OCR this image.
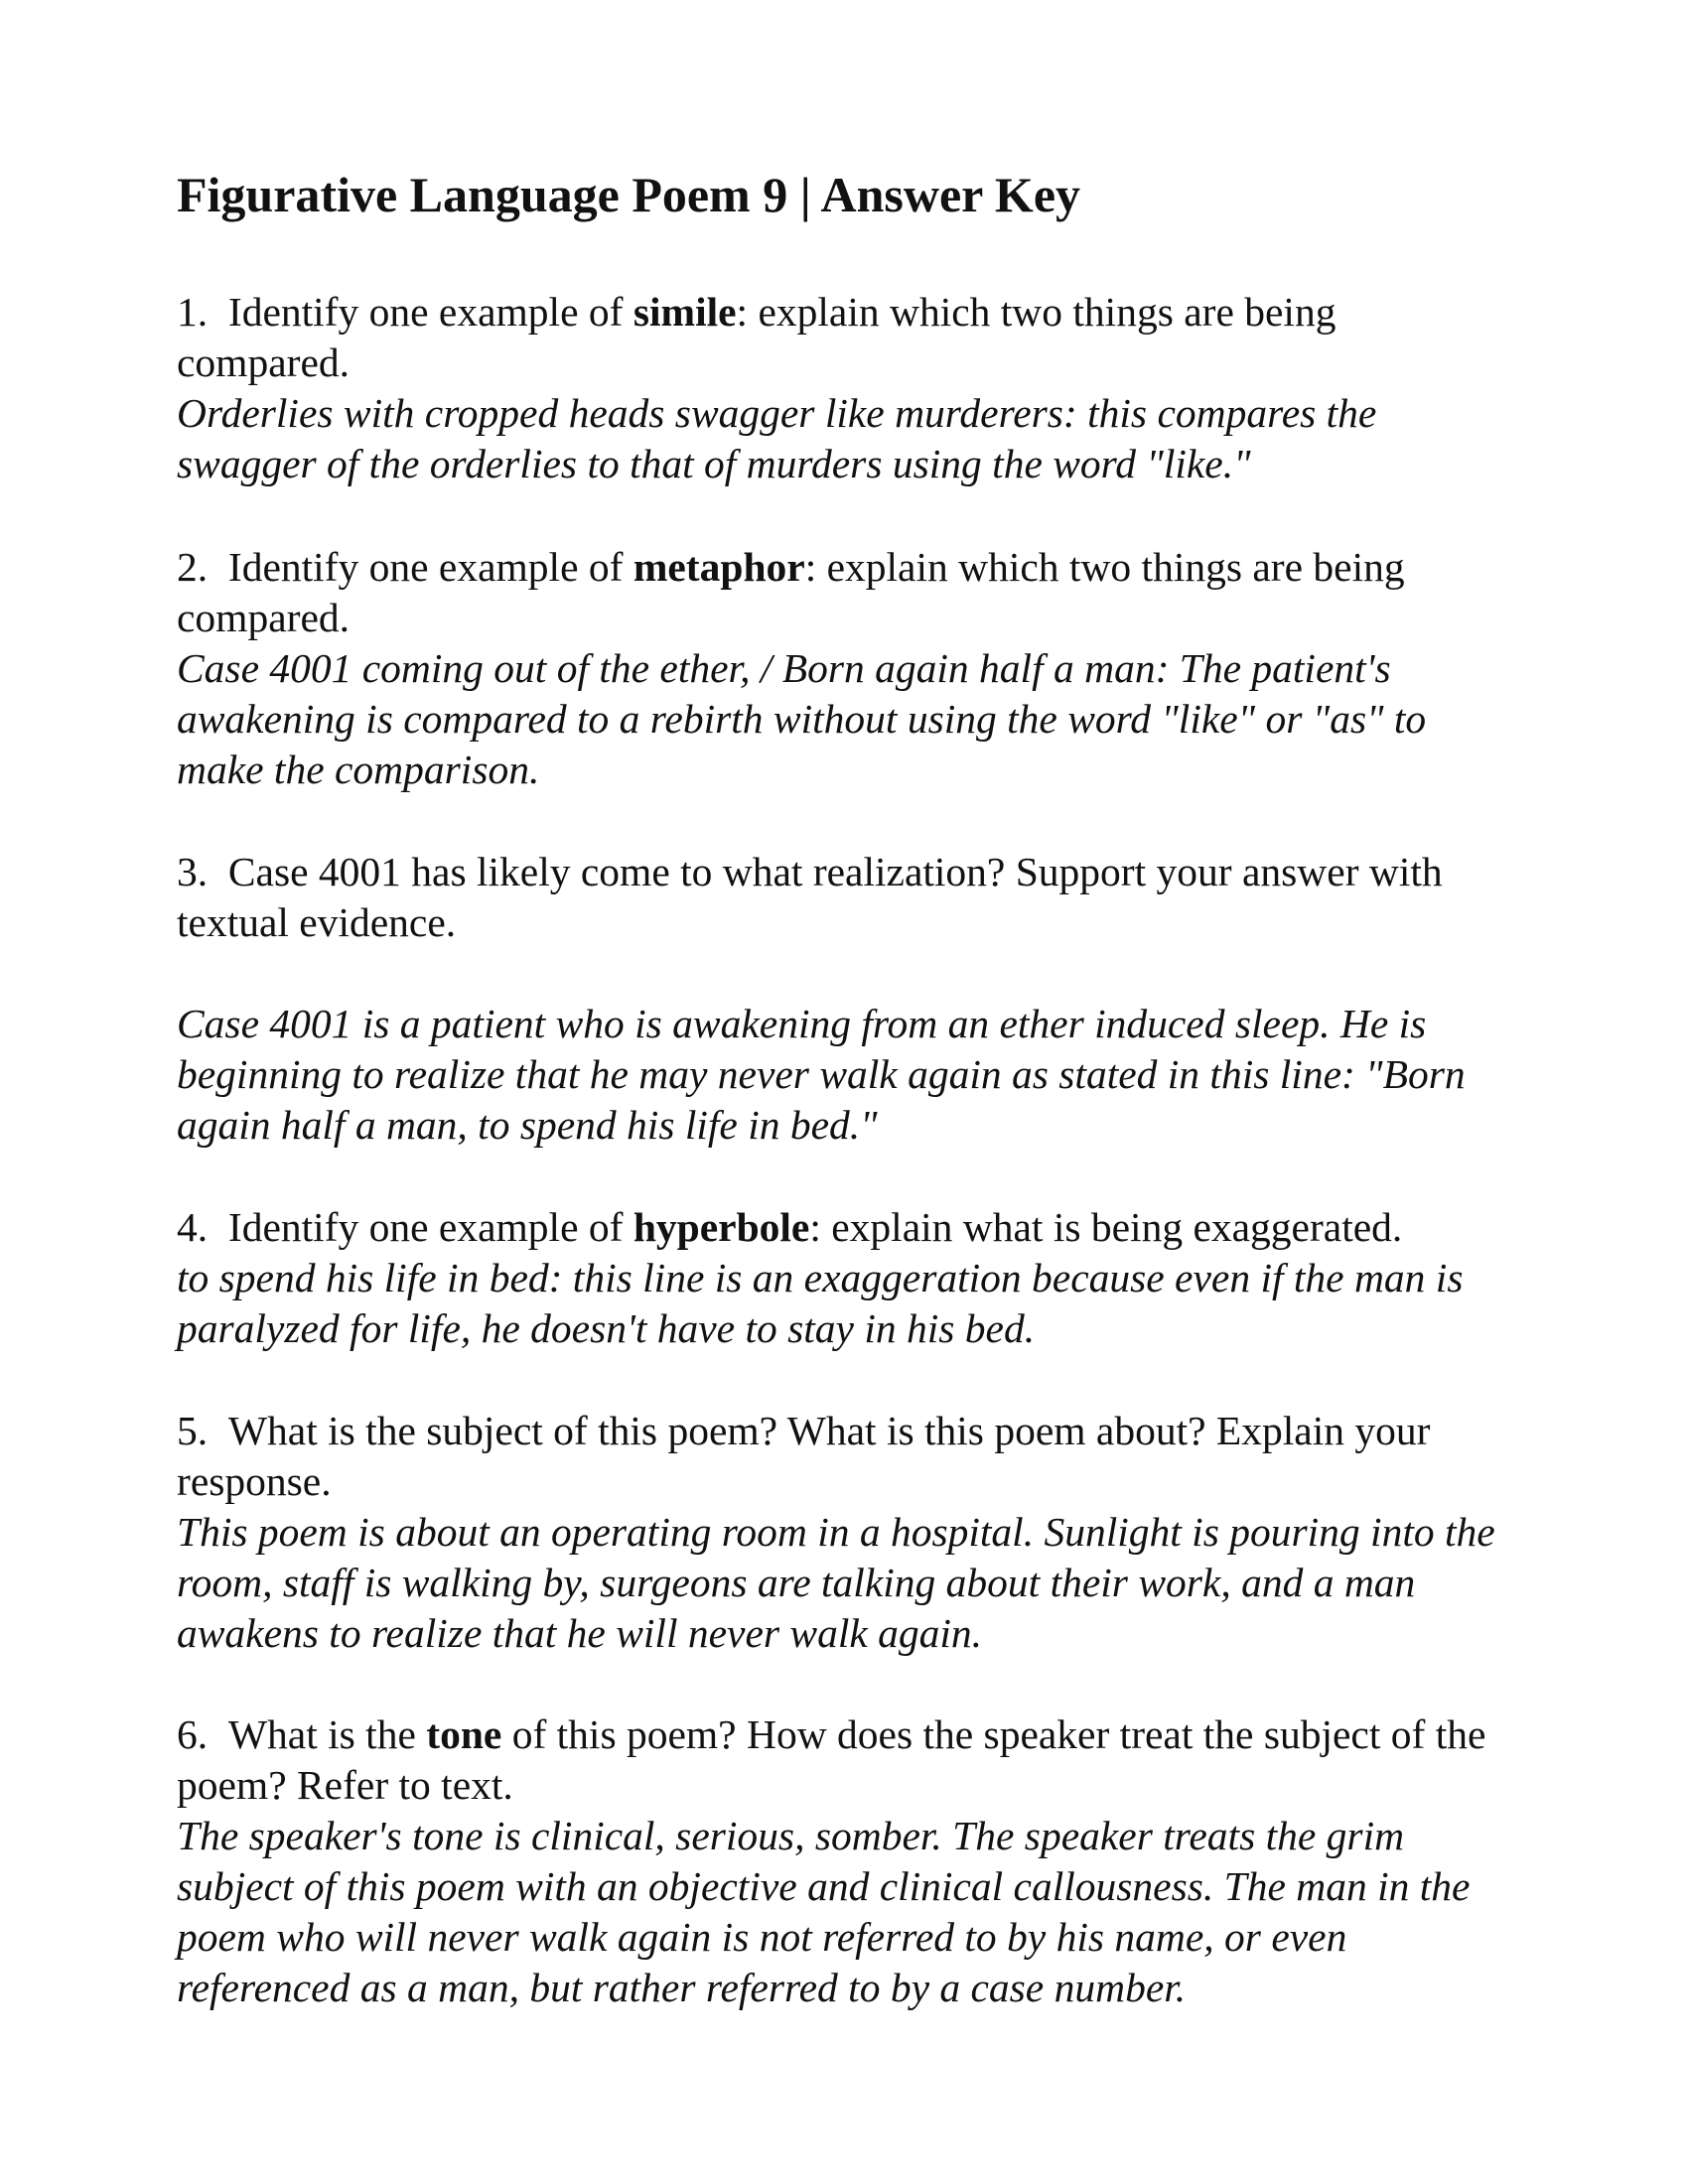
Figurative Language Poem 9 | Answer Key

1. Identify one example of simile: explain which two things are being compared.

Orderlies with cropped heads swagger like murderers: this compares the swagger of the orderlies to that of murders using the word "like."

2. Identify one example of metaphor: explain which two things are being compared.

Case 4001 coming out of the ether, / Born again half a man: The patient's awakening is compared to a rebirth without using the word "like" or "as" to make the comparison.

3. Case 4001 has likely come to what realization? Support your answer with textual evidence.

Case 4001 is a patient who is awakening from an ether induced sleep. He is beginning to realize that he may never walk again as stated in this line: "Born again half a man, to spend his life in bed."

4. Identify one example of hyperbole: explain what is being exaggerated.

to spend his life in bed: this line is an exaggeration because even if the man is paralyzed for life, he doesn't have to stay in his bed.

5. What is the subject of this poem? What is this poem about? Explain your response.

This poem is about an operating room in a hospital. Sunlight is pouring into the room, staff is walking by, surgeons are talking about their work, and a man awakens to realize that he will never walk again.

6. What is the tone of this poem? How does the speaker treat the subject of the poem? Refer to text.

The speaker's tone is clinical, serious, somber. The speaker treats the grim subject of this poem with an objective and clinical callousness. The man in the poem who will never walk again is not referred to by his name, or even referenced as a man, but rather referred to by a case number.
